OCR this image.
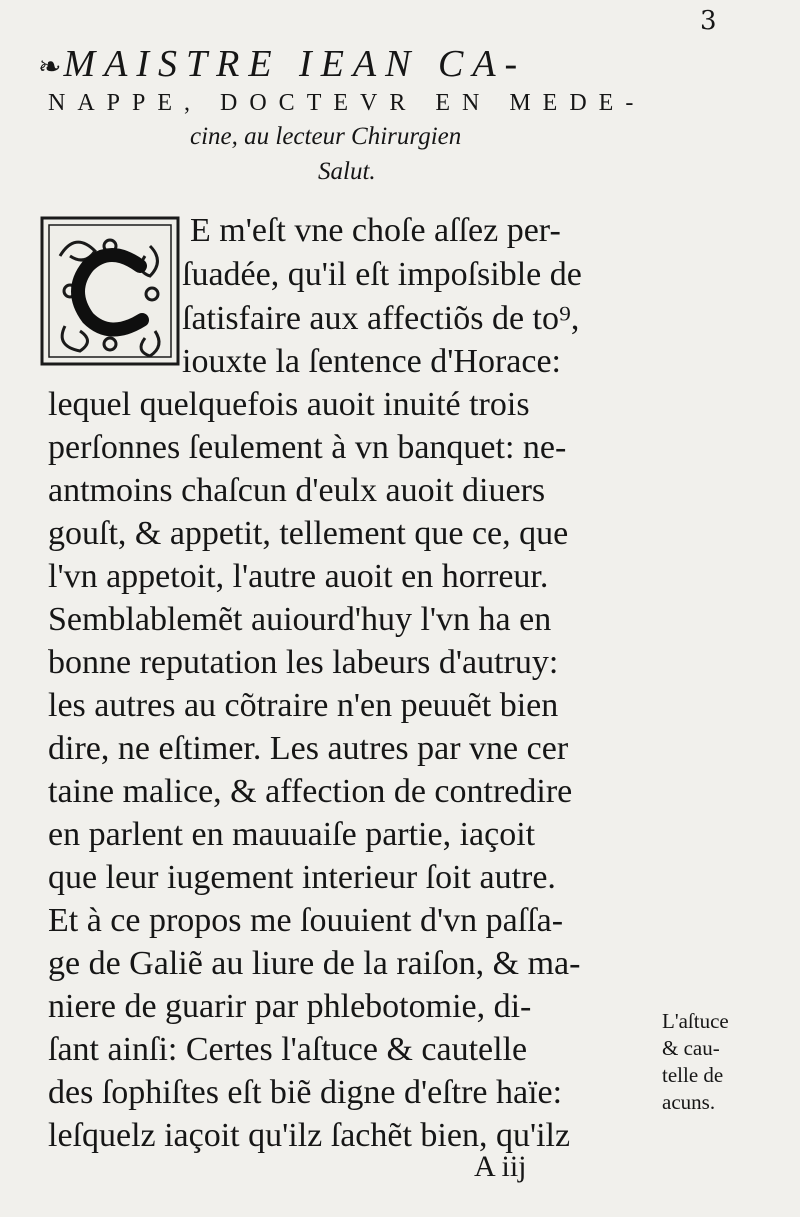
3
❧MAISTRE IEAN CA-
NAPPE, DOCTEVR EN MEDE-
cine, au lecteur Chirurgien
Salut.
C
E m'eſt vne choſe aſſez per-
ſuadée, qu'il eſt impoſsible de
ſatisfaire aux affectiõs de to⁹,
iouxte la ſentence d'Horace:
lequel quelquefois auoit inuité trois
perſonnes ſeulement à vn banquet: ne-
antmoins chaſcun d'eulx auoit diuers
gouſt, & appetit, tellement que ce, que
l'vn appetoit, l'autre auoit en horreur.
Semblablemẽt auiourd'huy l'vn ha en
bonne reputation les labeurs d'autruy:
les autres au cõtraire n'en peuuẽt bien
dire, ne eſtimer. Les autres par vne cer
taine malice, & affection de contredire
en parlent en mauuaiſe partie, iaçoit
que leur iugement interieur ſoit autre.
Et à ce propos me ſouuient d'vn paſſa-
ge de Galiẽ au liure de la raiſon, & ma-
niere de guarir par phlebotomie, di-
ſant ainſi: Certes l'aſtuce & cautelle
des ſophiſtes eſt biẽ digne d'eſtre haïe:
leſquelz iaçoit qu'ilz ſachẽt bien, qu'ilz
L'aſtuce
& cau-
telle de
acuns.
A iij
